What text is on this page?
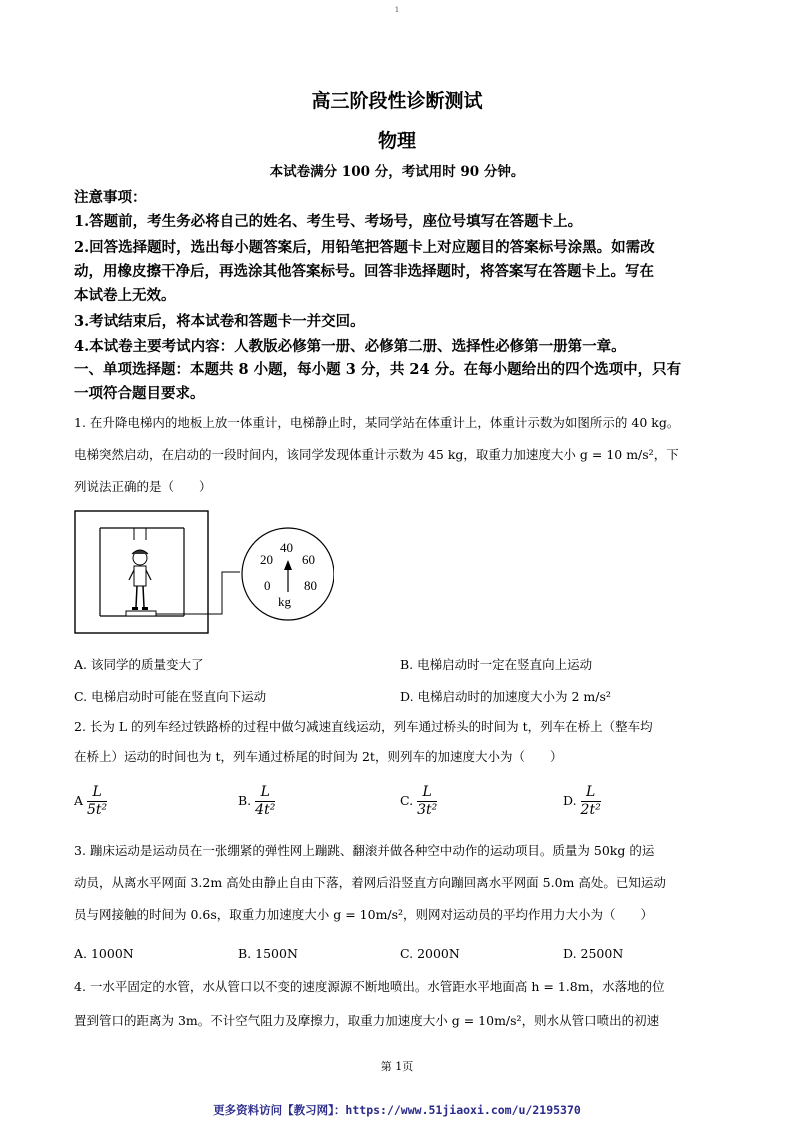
1
高三阶段性诊断测试
物理
本试卷满分 100 分，考试用时 90 分钟。
注意事项：
1.答题前，考生务必将自己的姓名、考生号、考场号，座位号填写在答题卡上。
2.回答选择题时，选出每小题答案后，用铅笔把答题卡上对应题目的答案标号涂黑。如需改
动，用橡皮擦干净后，再选涂其他答案标号。回答非选择题时，将答案写在答题卡上。写在
本试卷上无效。
3.考试结束后，将本试卷和答题卡一并交回。
4.本试卷主要考试内容：人教版必修第一册、必修第二册、选择性必修第一册第一章。
一、单项选择题：本题共 8 小题，每小题 3 分，共 24 分。在每小题给出的四个选项中，只有
一项符合题目要求。
1. 在升降电梯内的地板上放一体重计，电梯静止时，某同学站在体重计上，体重计示数为如图所示的 40 kg。
电梯突然启动，在启动的一段时间内，该同学发现体重计示数为 45 kg，取重力加速度大小 g = 10 m/s²，下
列说法正确的是（　　）
0
20
40
60
80
kg
A. 该同学的质量变大了	B. 电梯启动时一定在竖直向上运动
C. 电梯启动时可能在竖直向下运动	D. 电梯启动时的加速度大小为 2 m/s²
2. 长为 L 的列车经过铁路桥的过程中做匀减速直线运动，列车通过桥头的时间为 t，列车在桥上（整车均
在桥上）运动的时间也为 t，列车通过桥尾的时间为 2t，则列车的加速度大小为（　　）
A $\frac{L}{\text{5t²}}$	B. $\frac{L}{\text{4t²}}$	C. $\frac{L}{\text{3t²}}$	D. $\frac{L}{\text{2t²}}$
3. 蹦床运动是运动员在一张绷紧的弹性网上蹦跳、翻滚并做各种空中动作的运动项目。质量为 50kg 的运
动员，从离水平网面 3.2m 高处由静止自由下落，着网后沿竖直方向蹦回离水平网面 5.0m 高处。已知运动
员与网接触的时间为 0.6s，取重力加速度大小 g = 10m/s²，则网对运动员的平均作用力大小为（　　）
A. 1000N	B. 1500N	C. 2000N	D. 2500N
4. 一水平固定的水管，水从管口以不变的速度源源不断地喷出。水管距水平地面高 h = 1.8m，水落地的位
置到管口的距离为 3m。不计空气阻力及摩擦力，取重力加速度大小 g = 10m/s²，则水从管口喷出的初速
第 1页
更多资料访问【教习网】：https://www.51jiaoxi.com/u/2195370
